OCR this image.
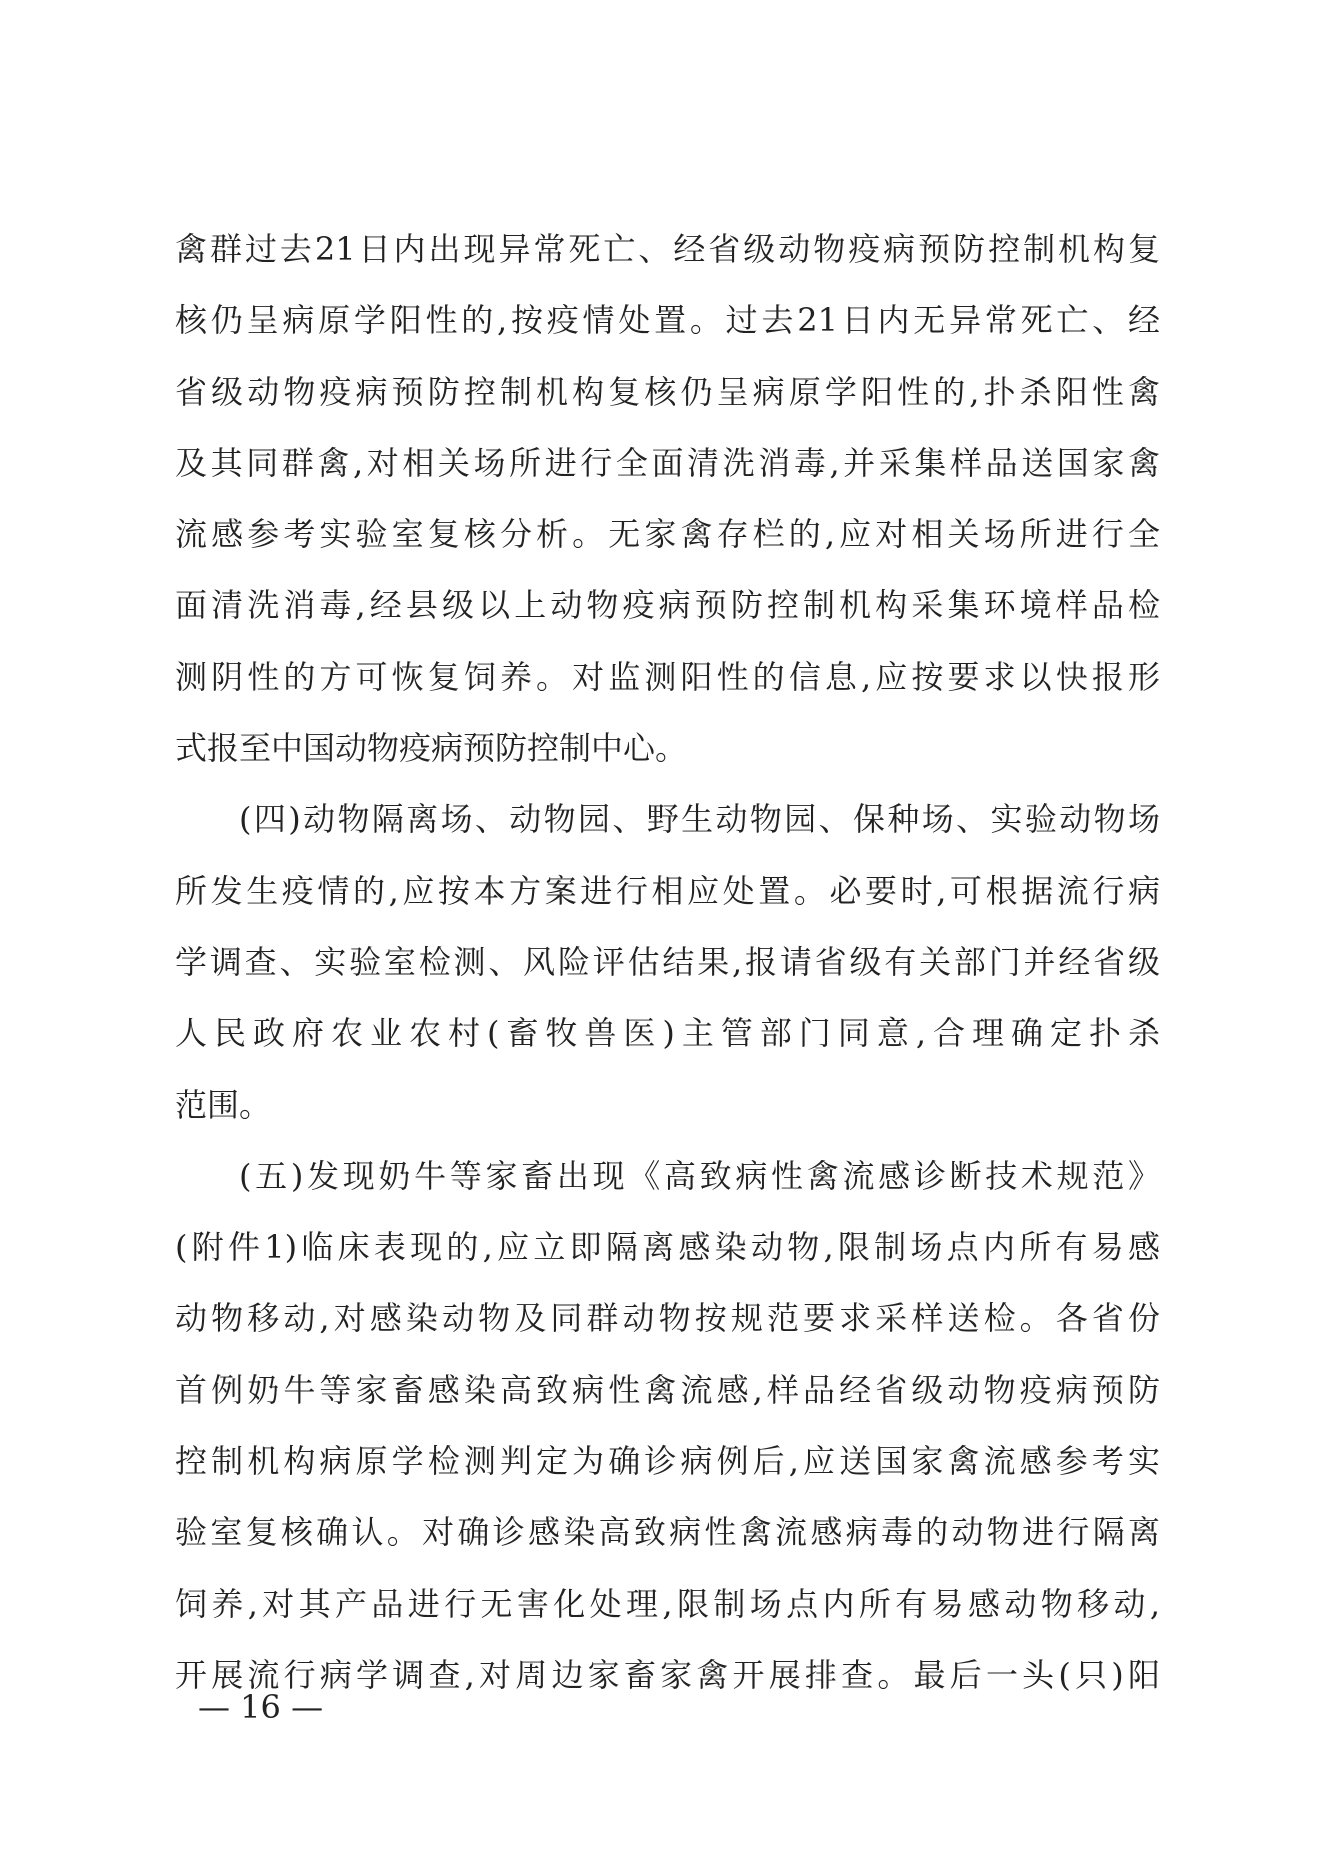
禽群过去21日内出现异常死亡、经省级动物疫病预防控制机构复
核仍呈病原学阳性的,按疫情处置。过去21日内无异常死亡、经
省级动物疫病预防控制机构复核仍呈病原学阳性的,扑杀阳性禽
及其同群禽,对相关场所进行全面清洗消毒,并采集样品送国家禽
流感参考实验室复核分析。无家禽存栏的,应对相关场所进行全
面清洗消毒,经县级以上动物疫病预防控制机构采集环境样品检
测阴性的方可恢复饲养。对监测阳性的信息,应按要求以快报形
式报至中国动物疫病预防控制中心。
(四)动物隔离场、动物园、野生动物园、保种场、实验动物场
所发生疫情的,应按本方案进行相应处置。必要时,可根据流行病
学调查、实验室检测、风险评估结果,报请省级有关部门并经省级
人民政府农业农村(畜牧兽医)主管部门同意,合理确定扑杀
范围。
(五)发现奶牛等家畜出现《高致病性禽流感诊断技术规范》
(附件1)临床表现的,应立即隔离感染动物,限制场点内所有易感
动物移动,对感染动物及同群动物按规范要求采样送检。各省份
首例奶牛等家畜感染高致病性禽流感,样品经省级动物疫病预防
控制机构病原学检测判定为确诊病例后,应送国家禽流感参考实
验室复核确认。对确诊感染高致病性禽流感病毒的动物进行隔离
饲养,对其产品进行无害化处理,限制场点内所有易感动物移动,
开展流行病学调查,对周边家畜家禽开展排查。最后一头(只)阳
— 16 —
